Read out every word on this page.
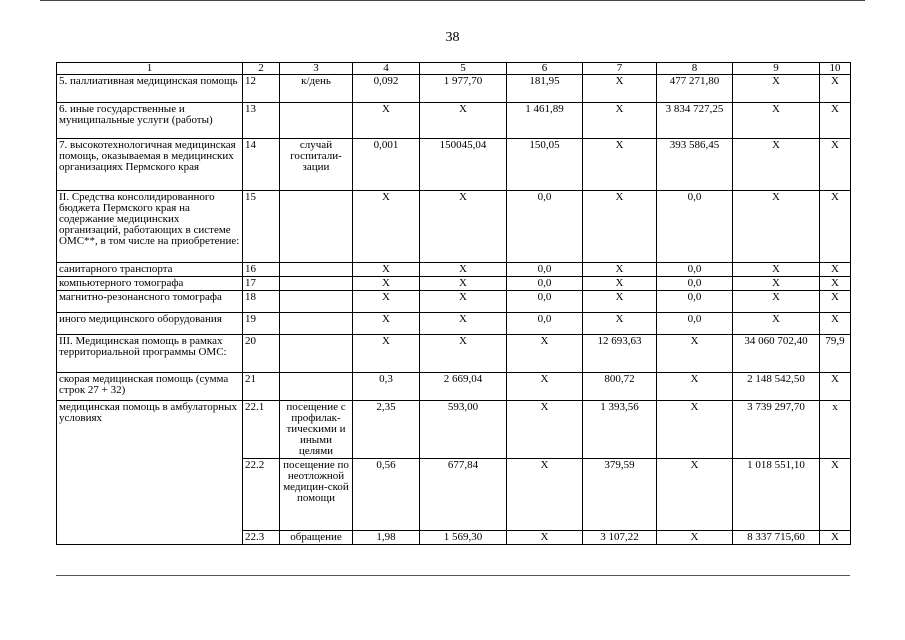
38
1	2	3	4	5	6	7	8	9	10
5. паллиативная медицинская помощь	12	к/день	0,092	1 977,70	181,95	X	477 271,80	X	X
6. иные государственные и муниципальные услуги (работы)	13		X	X	1 461,89	X	3 834 727,25	X	X
7. высокотехнологичная медицинская помощь, оказываемая в медицинских организациях Пермского края	14	случай госпитали-зации	0,001	150045,04	150,05	X	393 586,45	X	X
II. Средства консолидированного бюджета Пермского края на содержание медицинских организаций, работающих в системе ОМС**, в том числе на приобретение:	15		X	X	0,0	X	0,0	X	X
санитарного транспорта	16		X	X	0,0	X	0,0	X	X
компьютерного томографа	17		X	X	0,0	X	0,0	X	X
магнитно-резонансного томографа	18		X	X	0,0	X	0,0	X	X
иного медицинского оборудования	19		X	X	0,0	X	0,0	X	X
III. Медицинская помощь в рамках территориальной программы ОМС:	20		X	X	X	12 693,63	X	34 060 702,40	79,9
скорая медицинская помощь (сумма строк 27 + 32)	21		0,3	2 669,04	X	800,72	X	2 148 542,50	X
медицинская помощь в амбулаторных условиях	22.1	посещение с профилак-тическими и иными целями	2,35	593,00	X	1 393,56	X	3 739 297,70	x
	22.2	посещение по неотложной медицин-ской помощи	0,56	677,84	X	379,59	X	1 018 551,10	X
	22.3	обращение	1,98	1 569,30	X	3 107,22	X	8 337 715,60	X
